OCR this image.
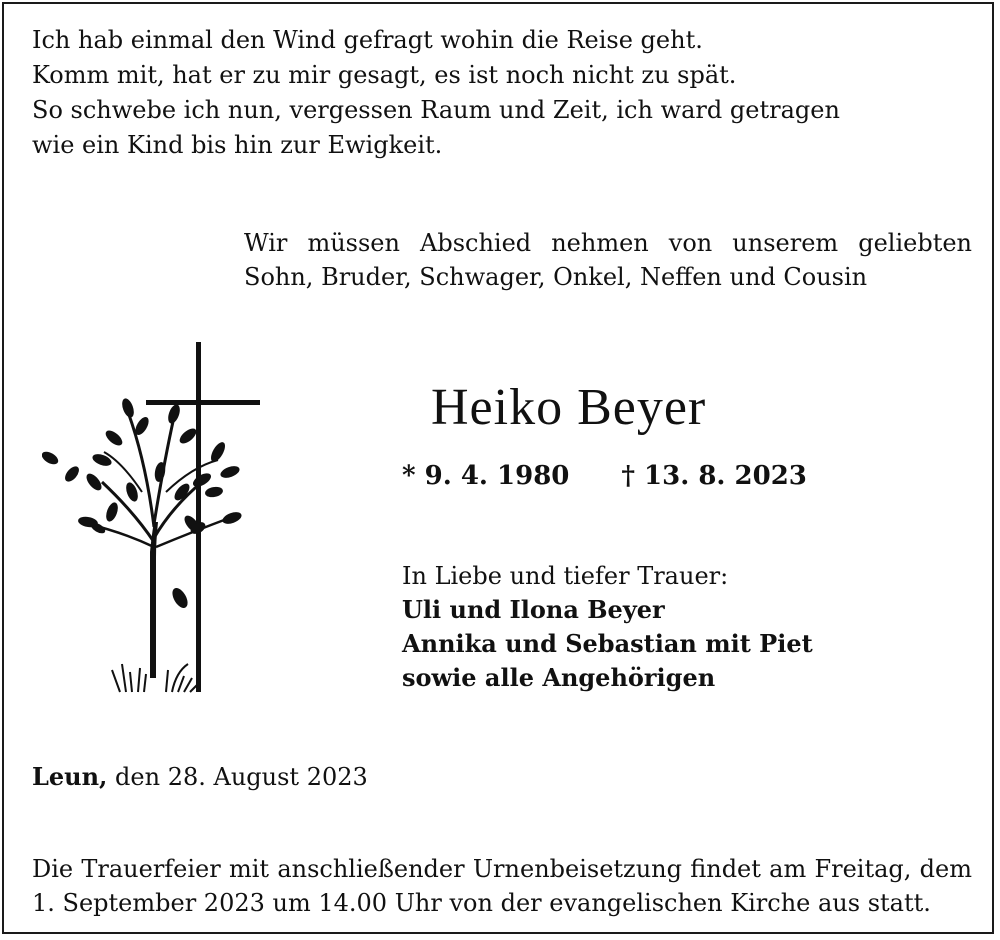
Ich hab einmal den Wind gefragt wohin die Reise geht.
Komm mit, hat er zu mir gesagt, es ist noch nicht zu spät.
So schwebe ich nun, vergessen Raum und Zeit, ich ward getragen
wie ein Kind bis hin zur Ewigkeit.
Wir müssen Abschied nehmen von unserem geliebten
Sohn, Bruder, Schwager, Onkel, Neffen und Cousin
Heiko Beyer
* 9. 4. 1980 † 13. 8. 2023
In Liebe und tiefer Trauer:
Uli und Ilona Beyer
Annika und Sebastian mit Piet
sowie alle Angehörigen
Leun, den 28. August 2023
Die Trauerfeier mit anschließender Urnenbeisetzung findet am Freitag, dem
1. September 2023 um 14.00 Uhr von der evangelischen Kirche aus statt.
